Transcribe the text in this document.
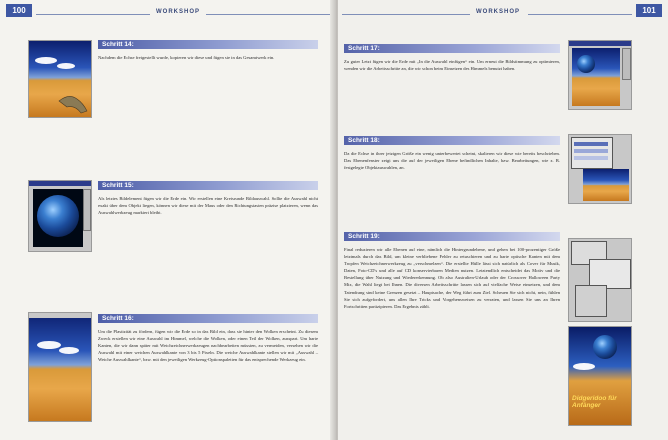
100	WORKSHOP
Schritt 14:

Nachdem die Echse freigestellt wurde, kopieren wir diese und fügen sie in das Gesamtwerk ein.

Schritt 15:

Als letztes Bildelement fügen wir die Erde ein. Wir erstellen eine Kreisrunde Bildauswahl. Sollte die Auswahl nicht exakt über dem Objekt liegen, können wir diese mit der Maus oder den Richtungstasten präzise platzieren, wenn das Auswahlwerkzeug markiert bleibt.

Schritt 16:

Um die Plastizität zu fördern, fügen wir die Erde so in das Bild ein, dass sie hinter den Wolken erscheint. Zu diesem Zweck erstellen wir eine Auswahl im Himmel, welche die Wolken, oder einen Teil der Wolken, ausspart. Um harte Kanten, die wir dann später mit Weichzeichnerwerkzeugen nachbearbeiten müssten, zu vermeiden, versehen wir die Auswahl mit einer weichen Auswahlkante von 3 bis 5 Pixeln. Die weiche Auswahlkante stellen wir mit „Auswahl – Weiche Auswahlkante“, bzw. mit den jeweiligen Werkzeug-Optionspaletten für das entsprechende Werkzeug ein.

WORKSHOP	101
Schritt 17:

Zu guter Letzt fügen wir die Erde mit „In die Auswahl einfügen“ ein. Um erneut die Bildstimmung zu optimieren, wenden wir die Arbeitsschritte an, die wir schon beim Einsetzen des Himmels benutzt haben.

Schritt 18:

Da die Echse in ihrer jetzigen Größe ein wenig unterbewertet scheint, skalieren wir diese wie bereits beschrieben. Das Ebenenfenster zeigt uns die auf der jeweiligen Ebene befindlichen Inhalte, bzw. Bearbeitungen, wie z. B. festgelegte Objektauswahlen, an.

Schritt 19:

Final reduzieren wir alle Ebenen auf eine, nämlich die Hintergrundebene, und gehen bei 100-prozentiger Größe letztmals durch das Bild, um kleine verbliebene Fehler zu retuschieren und zu harte optische Kanten mit dem Tropfen Weichzeichnerwerkzeug zu „verschmelzen“. Die erstellte Hülle lässt sich natürlich als Cover für Musik, Daten, Foto-CD's und alle auf CD konservierbaren Medien nutzen. Letztendlich entscheidet das Motiv und die Bestellung über Nutzung und Wiedererkennung. Ob also Australien-Urlaub oder der Crossover Halloween Party Mix, die Wahl liegt bei Ihnen. Die diversen Arbeitsschritte lassen sich auf vielfache Weise einsetzen, und dem Tatendrang sind keine Grenzen gesetzt – Hauptsache, der Weg führt zum Ziel. Scheuen Sie sich nicht, nein, fühlen Sie sich aufgefordert, uns allen Ihre Tricks und Vorgehensweisen zu verraten, und lassen Sie uns an Ihren Fortschritten partizipieren. Das Ergebnis zählt.

Didgeridoo für Anfänger
